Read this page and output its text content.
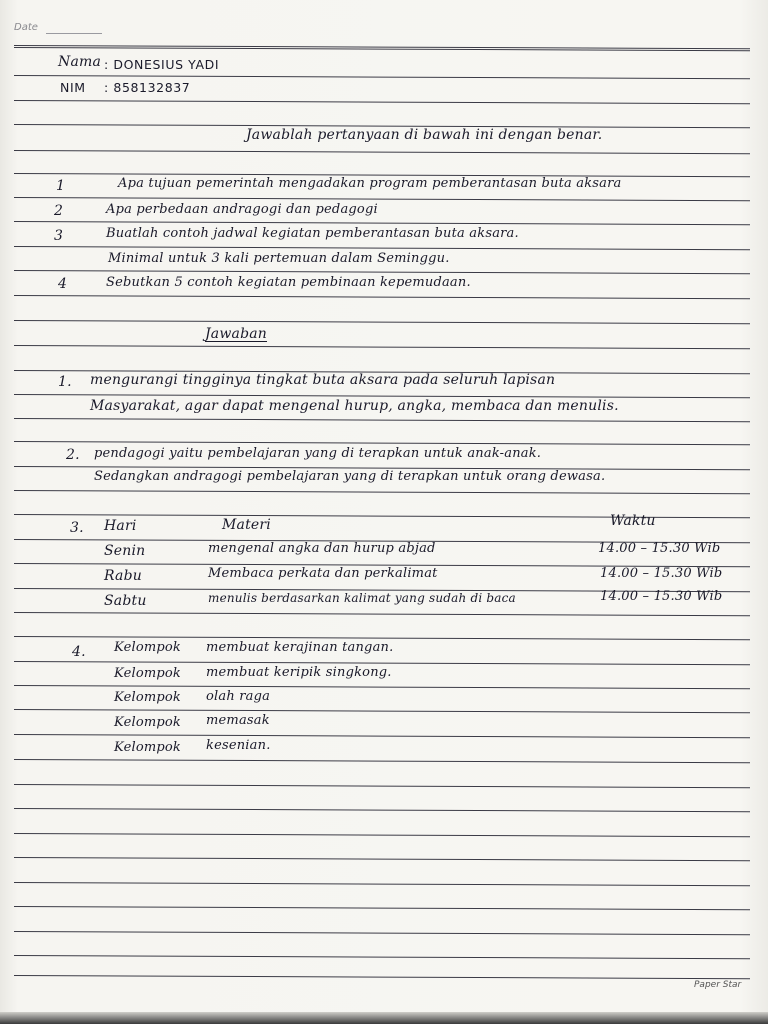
Date
Nama : DONESIUS YADI
NIM : 858132837
Jawablah pertanyaan di bawah ini dengan benar.
1	Apa tujuan pemerintah mengadakan program pemberantasan buta aksara
2	Apa perbedaan andragogi dan pedagogi
3	Buatlah contoh jadwal kegiatan pemberantasan buta aksara.
Minimal untuk 3 kali pertemuan dalam Seminggu.
4	Sebutkan 5 contoh kegiatan pembinaan kepemudaan.
Jawaban
1. mengurangi tingginya tingkat buta aksara pada seluruh lapisan
Masyarakat, agar dapat mengenal hurup, angka, membaca dan menulis.
2. pendagogi yaitu pembelajaran yang di terapkan untuk anak-anak.
Sedangkan andragogi pembelajaran yang di terapkan untuk orang dewasa.
3. Hari	Materi	Waktu
Senin	mengenal angka dan hurup abjad	14.00 – 15.30 Wib
Rabu	Membaca perkata dan perkalimat	14.00 – 15.30 Wib
Sabtu	menulis berdasarkan kalimat yang sudah di baca	14.00 – 15.30 Wib
4. Kelompok membuat kerajinan tangan.
Kelompok membuat keripik singkong.
Kelompok olah raga
Kelompok memasak
Kelompok kesenian.
Paper Star
